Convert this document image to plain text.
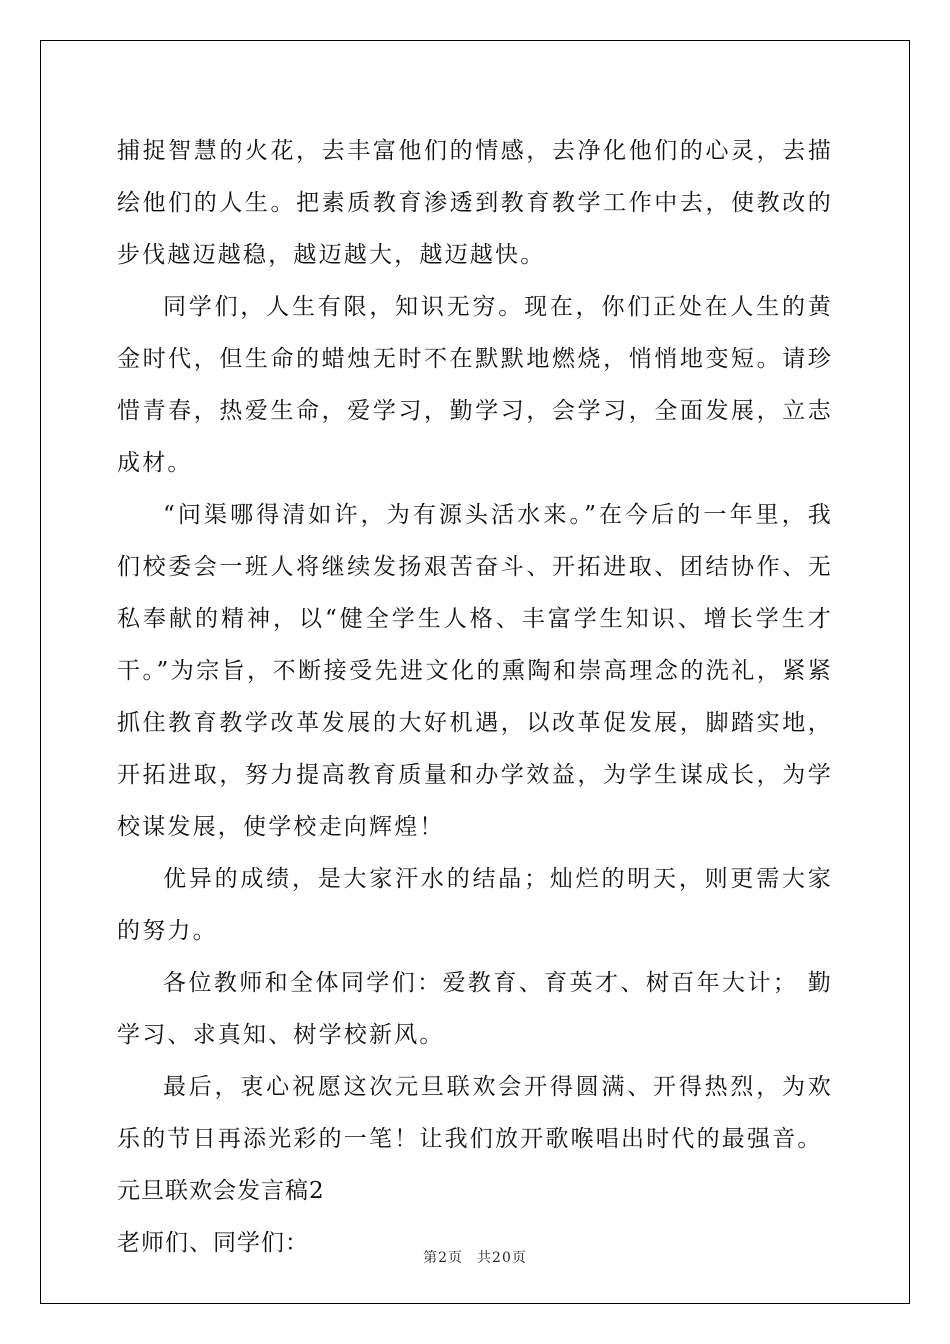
捕捉智慧的火花，去丰富他们的情感，去净化他们的心灵，去描绘他们的人生。把素质教育渗透到教育教学工作中去，使教改的步伐越迈越稳，越迈越大，越迈越快。

同学们，人生有限，知识无穷。现在，你们正处在人生的黄金时代，但生命的蜡烛无时不在默默地燃烧，悄悄地变短。请珍惜青春，热爱生命，爱学习，勤学习，会学习，全面发展，立志成材。

“问渠哪得清如许，为有源头活水来。”在今后的一年里，我们校委会一班人将继续发扬艰苦奋斗、开拓进取、团结协作、无私奉献的精神，以“健全学生人格、丰富学生知识、增长学生才干。”为宗旨，不断接受先进文化的熏陶和崇高理念的洗礼，紧紧抓住教育教学改革发展的大好机遇，以改革促发展，脚踏实地，开拓进取，努力提高教育质量和办学效益，为学生谋成长，为学校谋发展，使学校走向辉煌！

优异的成绩，是大家汗水的结晶；灿烂的明天，则更需大家的努力。

各位教师和全体同学们：爱教育、育英才、树百年大计； 勤学习、求真知、树学校新风。

最后，衷心祝愿这次元旦联欢会开得圆满、开得热烈，为欢乐的节日再添光彩的一笔！让我们放开歌喉唱出时代的最强音。

元旦联欢会发言稿2

老师们、同学们：

第2页 共20页
